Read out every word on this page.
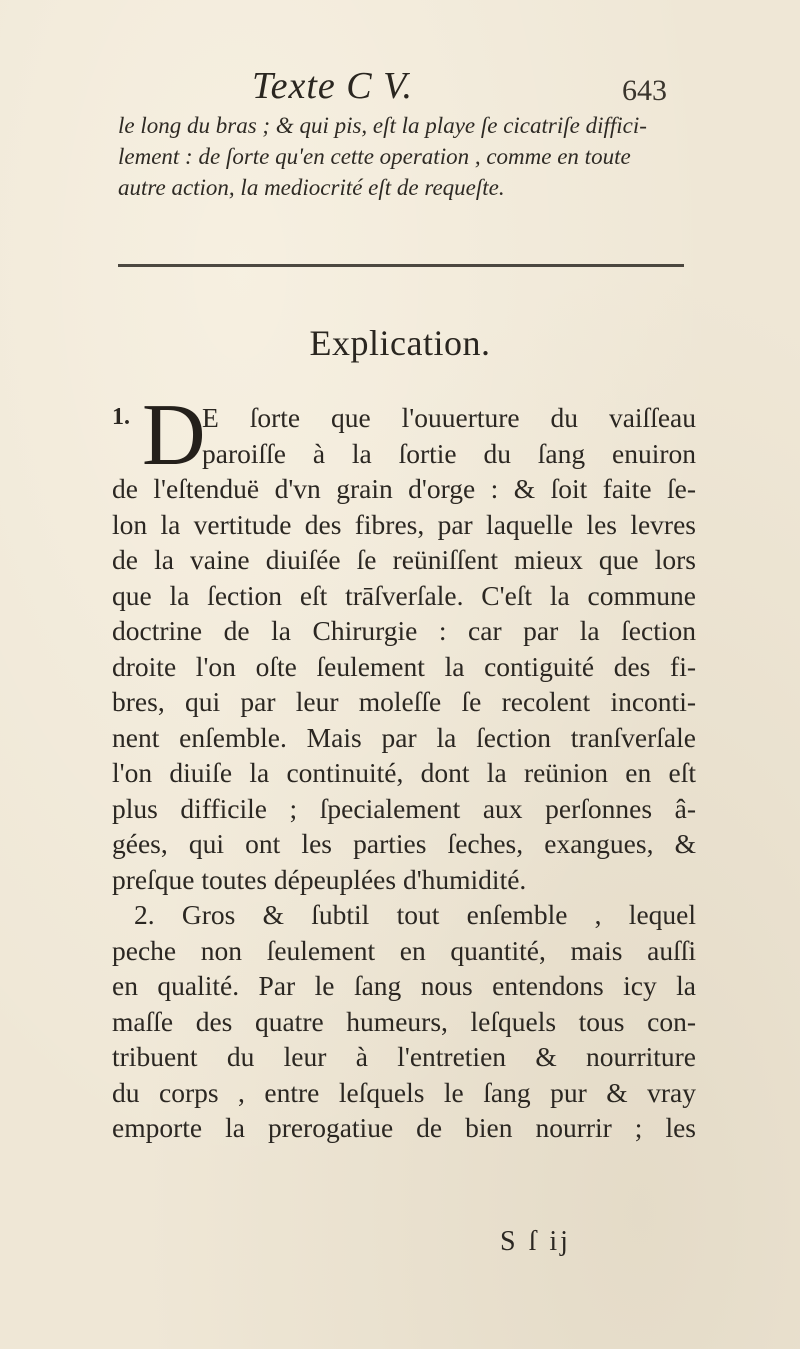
Texte C V.	643
le long du bras ; & qui pis, eſt la playe ſe cicatriſe diffici-
lement : de ſorte qu'en cette operation , comme en toute
autre action, la mediocrité eſt de requeſte.
Explication.
1. D
E ſorte que l'ouuerture du vaiſſeau
paroiſſe à la ſortie du ſang enuiron
de l'eſtenduë d'vn grain d'orge : & ſoit faite ſe-
lon la vertitude des fibres, par laquelle les levres
de la vaine diuiſée ſe reüniſſent mieux que lors
que la ſection eſt trāſverſale. C'eſt la commune
doctrine de la Chirurgie : car par la ſection
droite l'on oſte ſeulement la contiguité des fi-
bres, qui par leur moleſſe ſe recolent inconti-
nent enſemble. Mais par la ſection tranſverſale
l'on diuiſe la continuité, dont la reünion en eſt
plus difficile ; ſpecialement aux perſonnes â-
gées, qui ont les parties ſeches, exangues, &
preſque toutes dépeuplées d'humidité.
2. Gros & ſubtil tout enſemble , lequel
peche non ſeulement en quantité, mais auſſi
en qualité. Par le ſang nous entendons icy la
maſſe des quatre humeurs, leſquels tous con-
tribuent du leur à l'entretien & nourriture
du corps , entre leſquels le ſang pur & vray
emporte la prerogatiue de bien nourrir ; les
S ſ ij
